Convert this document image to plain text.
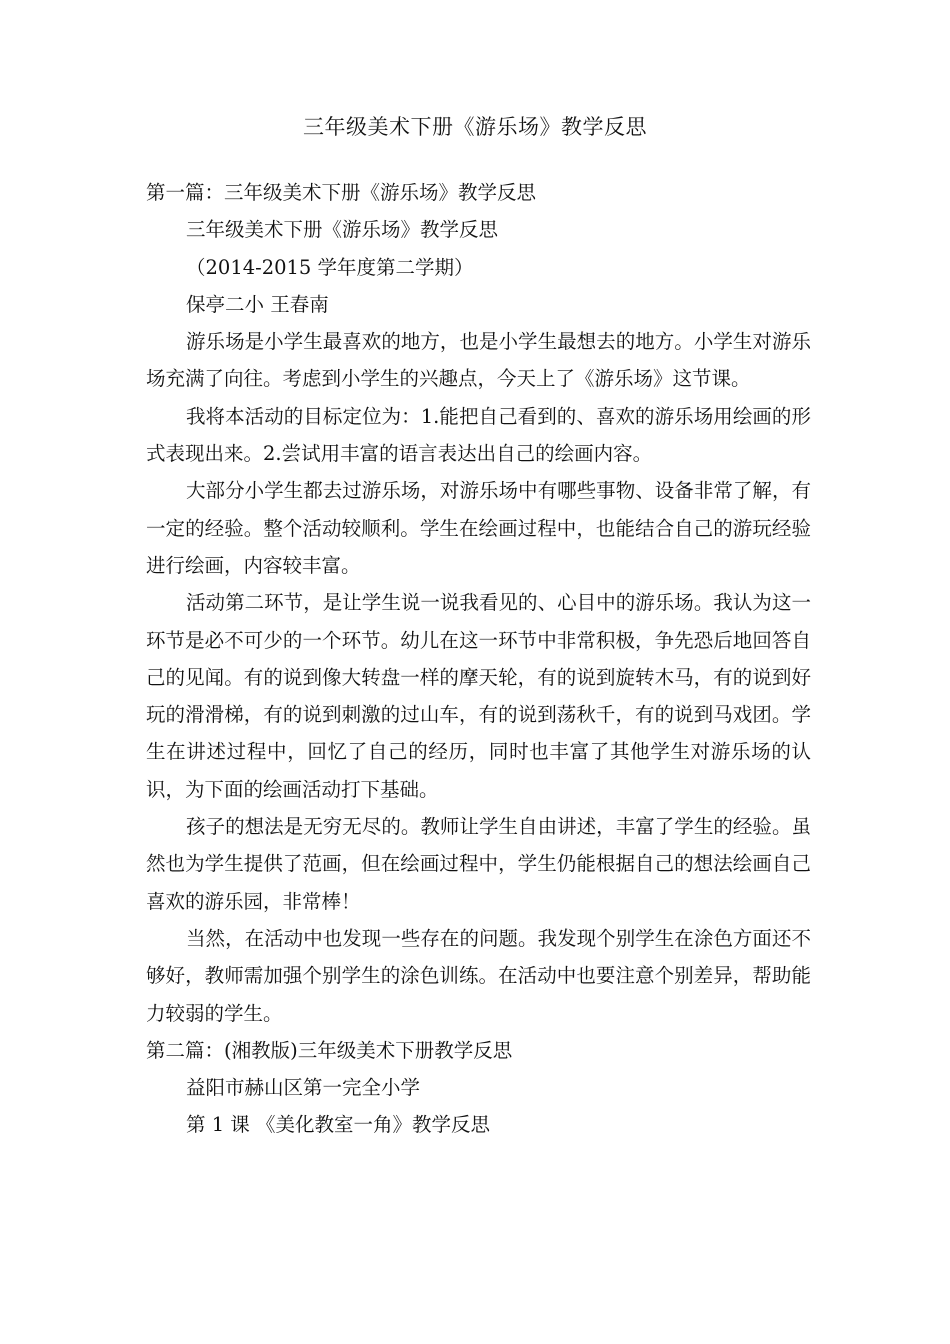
三年级美术下册《游乐场》教学反思

第一篇：三年级美术下册《游乐场》教学反思

三年级美术下册《游乐场》教学反思

（2014-2015 学年度第二学期）

保亭二小 王春南

游乐场是小学生最喜欢的地方，也是小学生最想去的地方。小学生对游乐场充满了向往。考虑到小学生的兴趣点，今天上了《游乐场》这节课。

我将本活动的目标定位为：1.能把自己看到的、喜欢的游乐场用绘画的形式表现出来。2.尝试用丰富的语言表达出自己的绘画内容。

大部分小学生都去过游乐场，对游乐场中有哪些事物、设备非常了解，有一定的经验。整个活动较顺利。学生在绘画过程中，也能结合自己的游玩经验进行绘画，内容较丰富。

活动第二环节，是让学生说一说我看见的、心目中的游乐场。我认为这一环节是必不可少的一个环节。幼儿在这一环节中非常积极，争先恐后地回答自己的见闻。有的说到像大转盘一样的摩天轮，有的说到旋转木马，有的说到好玩的滑滑梯，有的说到刺激的过山车，有的说到荡秋千，有的说到马戏团。学生在讲述过程中，回忆了自己的经历，同时也丰富了其他学生对游乐场的认识，为下面的绘画活动打下基础。

孩子的想法是无穷无尽的。教师让学生自由讲述，丰富了学生的经验。虽然也为学生提供了范画，但在绘画过程中，学生仍能根据自己的想法绘画自己喜欢的游乐园，非常棒！

当然，在活动中也发现一些存在的问题。我发现个别学生在涂色方面还不够好，教师需加强个别学生的涂色训练。在活动中也要注意个别差异，帮助能力较弱的学生。

第二篇：(湘教版)三年级美术下册教学反思

益阳市赫山区第一完全小学

第 1 课 《美化教室一角》教学反思
